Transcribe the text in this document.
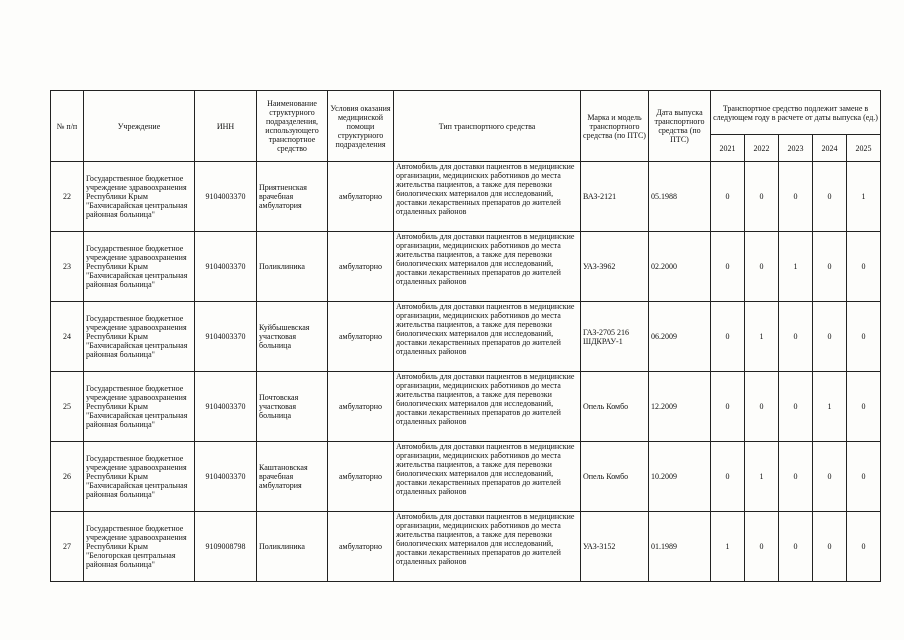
№ п/п	Учреждение	ИНН	Наименование структурного подразделения, использующего транспортное средство	Условия оказания медицинской помощи структурного подразделения	Тип транспортного средства	Марка и модель транспортного средства (по ПТС)	Дата выпуска транспортного средства (по ПТС)	Транспортное средство подлежит замене в следующем году в расчете от даты выпуска (ед.)				
								2021	2022	2023	2024	2025
22	Государственное бюджетное учреждение здравоохранения Республики Крым "Бахчисарайская центральная районная больница"	9104003370	Приятненская врачебная амбулатория	амбулаторно	Автомобиль для доставки пациентов в медицинские организации, медицинских работников до места жительства пациентов, а также для перевозки биологических материалов для исследований, доставки лекарственных препаратов до жителей отдаленных районов	ВАЗ-2121	05.1988	0	0	0	0	1
23	Государственное бюджетное учреждение здравоохранения Республики Крым "Бахчисарайская центральная районная больница"	9104003370	Поликлиника	амбулаторно	Автомобиль для доставки пациентов в медицинские организации, медицинских работников до места жительства пациентов, а также для перевозки биологических материалов для исследований, доставки лекарственных препаратов до жителей отдаленных районов	УАЗ-3962	02.2000	0	0	1	0	0
24	Государственное бюджетное учреждение здравоохранения Республики Крым "Бахчисарайская центральная районная больница"	9104003370	Куйбышевская участковая больница	амбулаторно	Автомобиль для доставки пациентов в медицинские организации, медицинских работников до места жительства пациентов, а также для перевозки биологических материалов для исследований, доставки лекарственных препаратов до жителей отдаленных районов	ГАЗ-2705 216 ШДКРАУ-1	06.2009	0	1	0	0	0
25	Государственное бюджетное учреждение здравоохранения Республики Крым "Бахчисарайская центральная районная больница"	9104003370	Почтовская участковая больница	амбулаторно	Автомобиль для доставки пациентов в медицинские организации, медицинских работников до места жительства пациентов, а также для перевозки биологических материалов для исследований, доставки лекарственных препаратов до жителей отдаленных районов	Опель Комбо	12.2009	0	0	0	1	0
26	Государственное бюджетное учреждение здравоохранения Республики Крым "Бахчисарайская центральная районная больница"	9104003370	Каштановская врачебная амбулатория	амбулаторно	Автомобиль для доставки пациентов в медицинские организации, медицинских работников до места жительства пациентов, а также для перевозки биологических материалов для исследований, доставки лекарственных препаратов до жителей отдаленных районов	Опель Комбо	10.2009	0	1	0	0	0
27	Государственное бюджетное учреждение здравоохранения Республики Крым "Белогорская центральная районная больница"	9109008798	Поликлиника	амбулаторно	Автомобиль для доставки пациентов в медицинские организации, медицинских работников до места жительства пациентов, а также для перевозки биологических материалов для исследований, доставки лекарственных препаратов до жителей отдаленных районов	УАЗ-3152	01.1989	1	0	0	0	0
